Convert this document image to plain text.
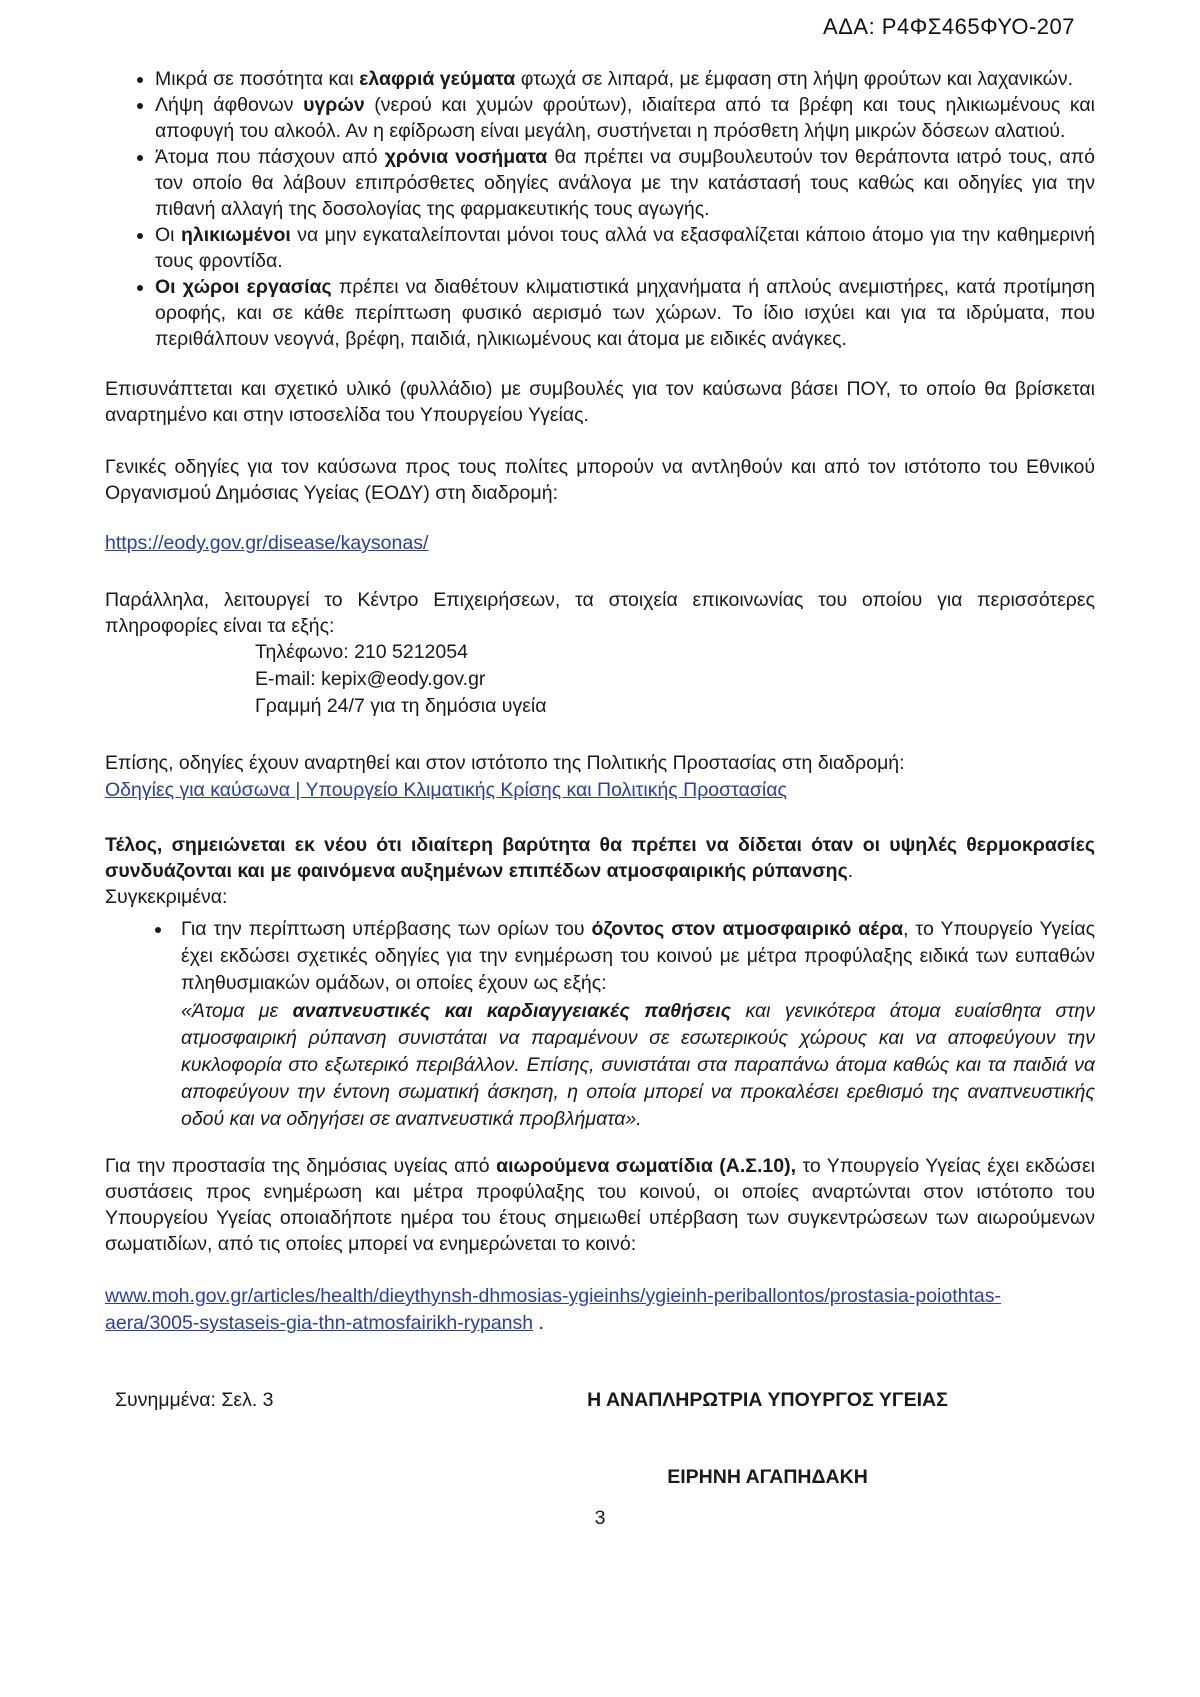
ΑΔΑ: Ρ4ΦΣ465ΦΥΟ-207
• Μικρά σε ποσότητα και ελαφριά γεύματα φτωχά σε λιπαρά, με έμφαση στη λήψη φρούτων και λαχανικών.
• Λήψη άφθονων υγρών (νερού και χυμών φρούτων), ιδιαίτερα από τα βρέφη και τους ηλικιωμένους και αποφυγή του αλκοόλ. Αν η εφίδρωση είναι μεγάλη, συστήνεται η πρόσθετη λήψη μικρών δόσεων αλατιού.
• Άτομα που πάσχουν από χρόνια νοσήματα θα πρέπει να συμβουλευτούν τον θεράποντα ιατρό τους, από τον οποίο θα λάβουν επιπρόσθετες οδηγίες ανάλογα με την κατάστασή τους καθώς και οδηγίες για την πιθανή αλλαγή της δοσολογίας της φαρμακευτικής τους αγωγής.
• Οι ηλικιωμένοι να μην εγκαταλείπονται μόνοι τους αλλά να εξασφαλίζεται κάποιο άτομο για την καθημερινή τους φροντίδα.
• Οι χώροι εργασίας πρέπει να διαθέτουν κλιματιστικά μηχανήματα ή απλούς ανεμιστήρες, κατά προτίμηση οροφής, και σε κάθε περίπτωση φυσικό αερισμό των χώρων. Το ίδιο ισχύει και για τα ιδρύματα, που περιθάλπουν νεογνά, βρέφη, παιδιά, ηλικιωμένους και άτομα με ειδικές ανάγκες.

Επισυνάπτεται και σχετικό υλικό (φυλλάδιο) με συμβουλές για τον καύσωνα βάσει ΠΟΥ, το οποίο θα βρίσκεται αναρτημένο και στην ιστοσελίδα του Υπουργείου Υγείας.

Γενικές οδηγίες για τον καύσωνα προς τους πολίτες μπορούν να αντληθούν και από τον ιστότοπο του Εθνικού Οργανισμού Δημόσιας Υγείας (ΕΟΔΥ) στη διαδρομή:

https://eody.gov.gr/disease/kaysonas/

Παράλληλα, λειτουργεί το Κέντρο Επιχειρήσεων, τα στοιχεία επικοινωνίας του οποίου για περισσότερες πληροφορίες είναι τα εξής:

Τηλέφωνο: 210 5212054
E-mail: kepix@eody.gov.gr
Γραμμή 24/7 για τη δημόσια υγεία

Επίσης, οδηγίες έχουν αναρτηθεί και στον ιστότοπο της Πολιτικής Προστασίας στη διαδρομή:

Οδηγίες για καύσωνα | Υπουργείο Κλιματικής Κρίσης και Πολιτικής Προστασίας

Τέλος, σημειώνεται εκ νέου ότι ιδιαίτερη βαρύτητα θα πρέπει να δίδεται όταν οι υψηλές θερμοκρασίες συνδυάζονται και με φαινόμενα αυξημένων επιπέδων ατμοσφαιρικής ρύπανσης.

Συγκεκριμένα:

• Για την περίπτωση υπέρβασης των ορίων του όζοντος στον ατμοσφαιρικό αέρα, το Υπουργείο Υγείας έχει εκδώσει σχετικές οδηγίες για την ενημέρωση του κοινού με μέτρα προφύλαξης ειδικά των ευπαθών πληθυσμιακών ομάδων, οι οποίες έχουν ως εξής:
«Άτομα με αναπνευστικές και καρδιαγγειακές παθήσεις και γενικότερα άτομα ευαίσθητα στην ατμοσφαιρική ρύπανση συνιστάται να παραμένουν σε εσωτερικούς χώρους και να αποφεύγουν την κυκλοφορία στο εξωτερικό περιβάλλον. Επίσης, συνιστάται στα παραπάνω άτομα καθώς και τα παιδιά να αποφεύγουν την έντονη σωματική άσκηση, η οποία μπορεί να προκαλέσει ερεθισμό της αναπνευστικής οδού και να οδηγήσει σε αναπνευστικά προβλήματα».

Για την προστασία της δημόσιας υγείας από αιωρούμενα σωματίδια (Α.Σ.10), το Υπουργείο Υγείας έχει εκδώσει συστάσεις προς ενημέρωση και μέτρα προφύλαξης του κοινού, οι οποίες αναρτώνται στον ιστότοπο του Υπουργείου Υγείας οποιαδήποτε ημέρα του έτους σημειωθεί υπέρβαση των συγκεντρώσεων των αιωρούμενων σωματιδίων, από τις οποίες μπορεί να ενημερώνεται το κοινό:

www.moh.gov.gr/articles/health/dieythynsh-dhmosias-ygieinhs/ygieinh-periballontos/prostasia-poiothtas-aera/3005-systaseis-gia-thn-atmosfairikh-rypansh .
Συνημμένα: Σελ. 3	Η ΑΝΑΠΛΗΡΩΤΡΙΑ ΥΠΟΥΡΓΟΣ ΥΓΕΙΑΣ
ΕΙΡΗΝΗ ΑΓΑΠΗΔΑΚΗ
3
